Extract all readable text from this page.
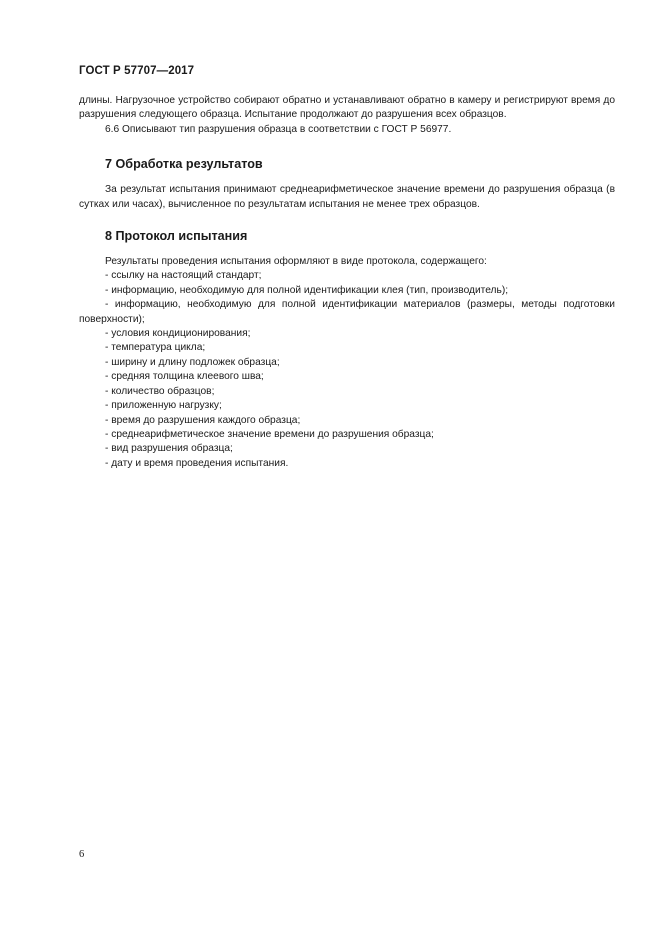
ГОСТ Р 57707—2017

длины. Нагрузочное устройство собирают обратно и устанавливают обратно в камеру и регистрируют время до разрушения следующего образца. Испытание продолжают до разрушения всех образцов.

6.6 Описывают тип разрушения образца в соответствии с ГОСТ Р 56977.

7 Обработка результатов

За результат испытания принимают среднеарифметическое значение времени до разрушения образца (в сутках или часах), вычисленное по результатам испытания не менее трех образцов.

8 Протокол испытания

Результаты проведения испытания оформляют в виде протокола, содержащего:

- ссылку на настоящий стандарт;
- информацию, необходимую для полной идентификации клея (тип, производитель);
- информацию, необходимую для полной идентификации материалов (размеры, методы подготовки поверхности);
- условия кондиционирования;
- температура цикла;
- ширину и длину подложек образца;
- средняя толщина клеевого шва;
- количество образцов;
- приложенную нагрузку;
- время до разрушения каждого образца;
- среднеарифметическое значение времени до разрушения образца;
- вид разрушения образца;
- дату и время проведения испытания.
6
